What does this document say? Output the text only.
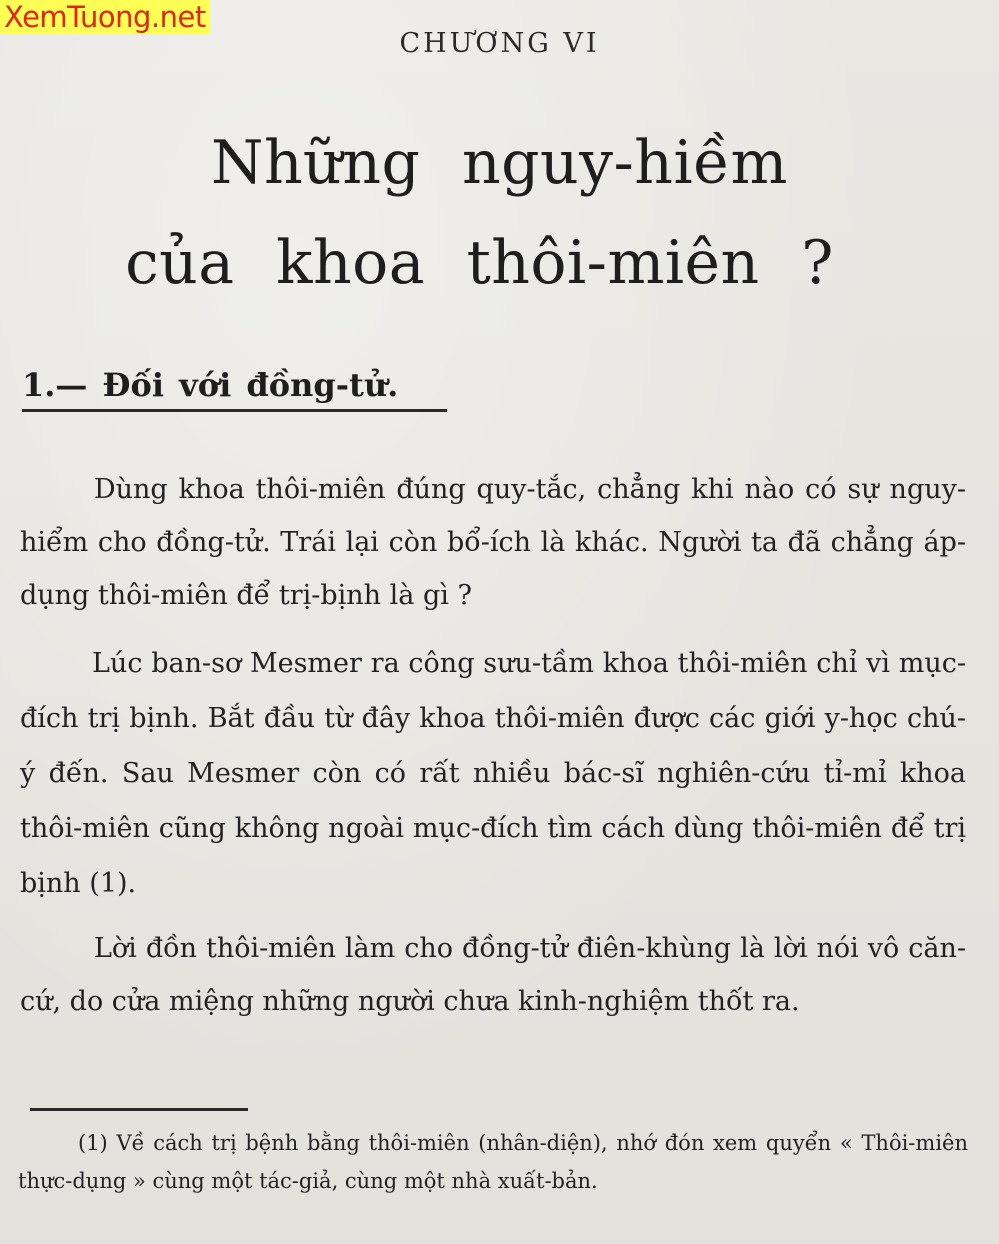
XemTuong.net
CHƯƠNG VI
Những nguy-hiềm
của khoa thôi-miên ?
1.— Đối với đồng-tử.

Dùng khoa thôi-miên đúng quy-tắc, chẳng khi nào có sự nguy-hiểm cho đồng-tử. Trái lại còn bổ-ích là khác. Người ta đã chẳng áp-dụng thôi-miên để trị-bịnh là gì ?

Lúc ban-sơ Mesmer ra công sưu-tầm khoa thôi-miên chỉ vì mục-đích trị bịnh. Bắt đầu từ đây khoa thôi-miên được các giới y-học chú-ý đến. Sau Mesmer còn có rất nhiều bác-sĩ nghiên-cứu tỉ-mỉ khoa thôi-miên cũng không ngoài mục-đích tìm cách dùng thôi-miên để trị bịnh (1).

Lời đồn thôi-miên làm cho đồng-tử điên-khùng là lời nói vô căn-cứ, do cửa miệng những người chưa kinh-nghiệm thốt ra.

(1) Về cách trị bệnh bằng thôi-miên (nhân-diện), nhớ đón xem quyển « Thôi-miên thực-dụng » cùng một tác-giả, cùng một nhà xuất-bản.
